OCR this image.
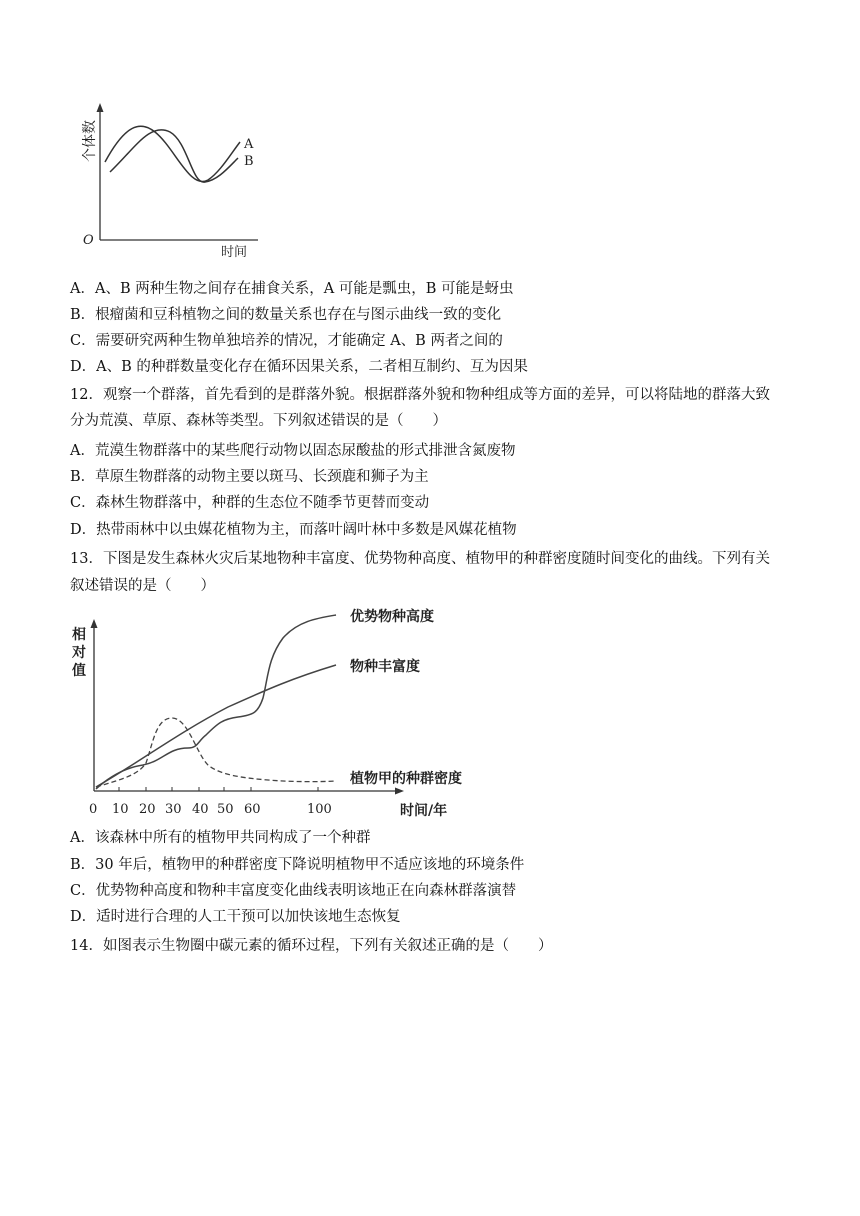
个体数
O
时间
A
B
A．A、B 两种生物之间存在捕食关系，A 可能是瓢虫，B 可能是蚜虫
B．根瘤菌和豆科植物之间的数量关系也存在与图示曲线一致的变化
C．需要研究两种生物单独培养的情况，才能确定 A、B 两者之间的
D．A、B 的种群数量变化存在循环因果关系，二者相互制约、互为因果
12．观察一个群落，首先看到的是群落外貌。根据群落外貌和物种组成等方面的差异，可以将陆地的群落大致
分为荒漠、草原、森林等类型。下列叙述错误的是（　　）
A．荒漠生物群落中的某些爬行动物以固态尿酸盐的形式排泄含氮废物
B．草原生物群落的动物主要以斑马、长颈鹿和狮子为主
C．森林生物群落中，种群的生态位不随季节更替而变动
D．热带雨林中以虫媒花植物为主，而落叶阔叶林中多数是风媒花植物
13．下图是发生森林火灾后某地物种丰富度、优势物种高度、植物甲的种群密度随时间变化的曲线。下列有关
叙述错误的是（　　）
相
对
值
0 10 20 30 40 50 60	100	时间/年
优势物种高度
物种丰富度
植物甲的种群密度
A．该森林中所有的植物甲共同构成了一个种群
B．30 年后，植物甲的种群密度下降说明植物甲不适应该地的环境条件
C．优势物种高度和物种丰富度变化曲线表明该地正在向森林群落演替
D．适时进行合理的人工干预可以加快该地生态恢复
14．如图表示生物圈中碳元素的循环过程，下列有关叙述正确的是（　　）
